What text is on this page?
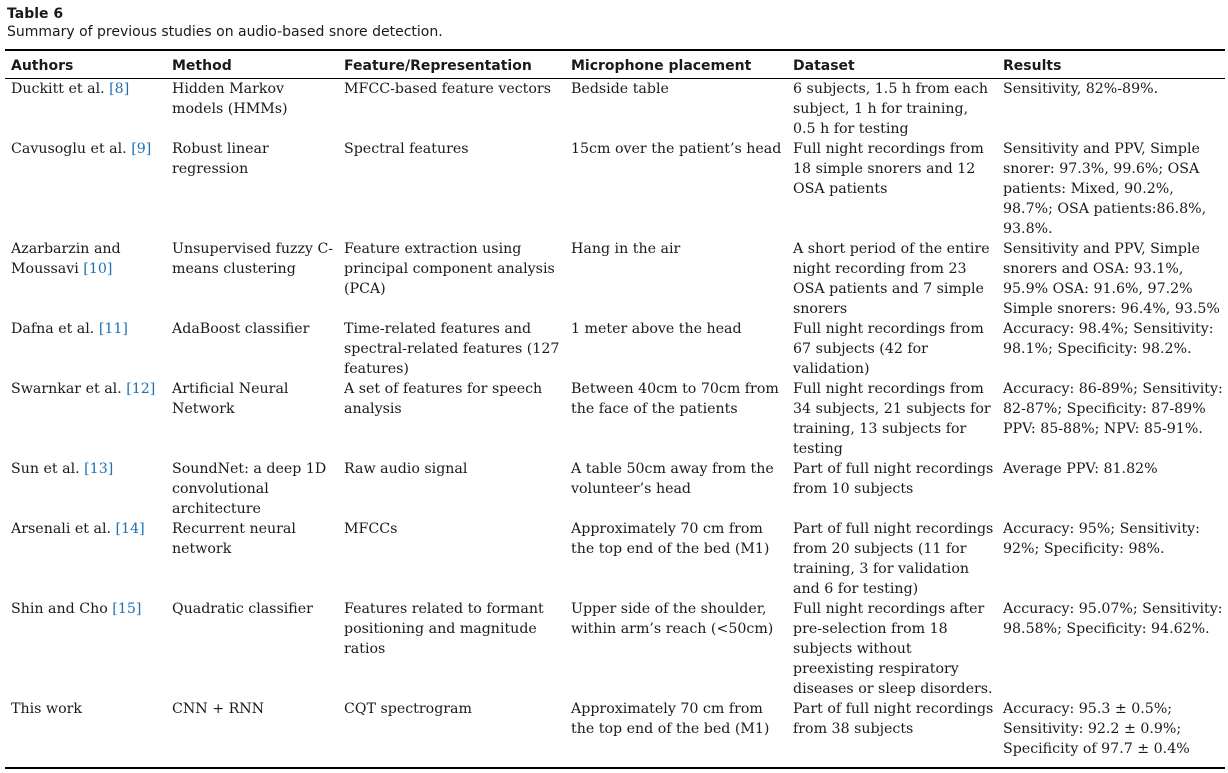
Table 6
Summary of previous studies on audio-based snore detection.
Authors	Method	Feature/Representation	Microphone placement	Dataset	Results
Duckitt et al. [8]	Hidden Markov models (HMMs)	MFCC-based feature vectors	Bedside table	6 subjects, 1.5 h from each subject, 1 h for training, 0.5 h for testing	Sensitivity, 82%-89%.
Cavusoglu et al. [9]	Robust linear regression	Spectral features	15cm over the patient’s head	Full night recordings from 18 simple snorers and 12 OSA patients	Sensitivity and PPV, Simple snorer: 97.3%, 99.6%; OSA patients: Mixed, 90.2%, 98.7%; OSA patients:86.8%, 93.8%.
Azarbarzin and Moussavi [10]	Unsupervised fuzzy C-means clustering	Feature extraction using principal component analysis (PCA)	Hang in the air	A short period of the entire night recording from 23 OSA patients and 7 simple snorers	Sensitivity and PPV, Simple snorers and OSA: 93.1%, 95.9% OSA: 91.6%, 97.2% Simple snorers: 96.4%, 93.5%
Dafna et al. [11]	AdaBoost classifier	Time-related features and spectral-related features (127 features)	1 meter above the head	Full night recordings from 67 subjects (42 for validation)	Accuracy: 98.4%; Sensitivity: 98.1%; Specificity: 98.2%.
Swarnkar et al. [12]	Artificial Neural Network	A set of features for speech analysis	Between 40cm to 70cm from the face of the patients	Full night recordings from 34 subjects, 21 subjects for training, 13 subjects for testing	Accuracy: 86-89%; Sensitivity: 82-87%; Specificity: 87-89% PPV: 85-88%; NPV: 85-91%.
Sun et al. [13]	SoundNet: a deep 1D convolutional architecture	Raw audio signal	A table 50cm away from the volunteer’s head	Part of full night recordings from 10 subjects	Average PPV: 81.82%
Arsenali et al. [14]	Recurrent neural network	MFCCs	Approximately 70 cm from the top end of the bed (M1)	Part of full night recordings from 20 subjects (11 for training, 3 for validation and 6 for testing)	Accuracy: 95%; Sensitivity: 92%; Specificity: 98%.
Shin and Cho [15]	Quadratic classifier	Features related to formant positioning and magnitude ratios	Upper side of the shoulder, within arm’s reach (<50cm)	Full night recordings after pre-selection from 18 subjects without preexisting respiratory diseases or sleep disorders.	Accuracy: 95.07%; Sensitivity: 98.58%; Specificity: 94.62%.
This work	CNN + RNN	CQT spectrogram	Approximately 70 cm from the top end of the bed (M1)	Part of full night recordings from 38 subjects	Accuracy: 95.3 ± 0.5%; Sensitivity: 92.2 ± 0.9%; Specificity of 97.7 ± 0.4%
